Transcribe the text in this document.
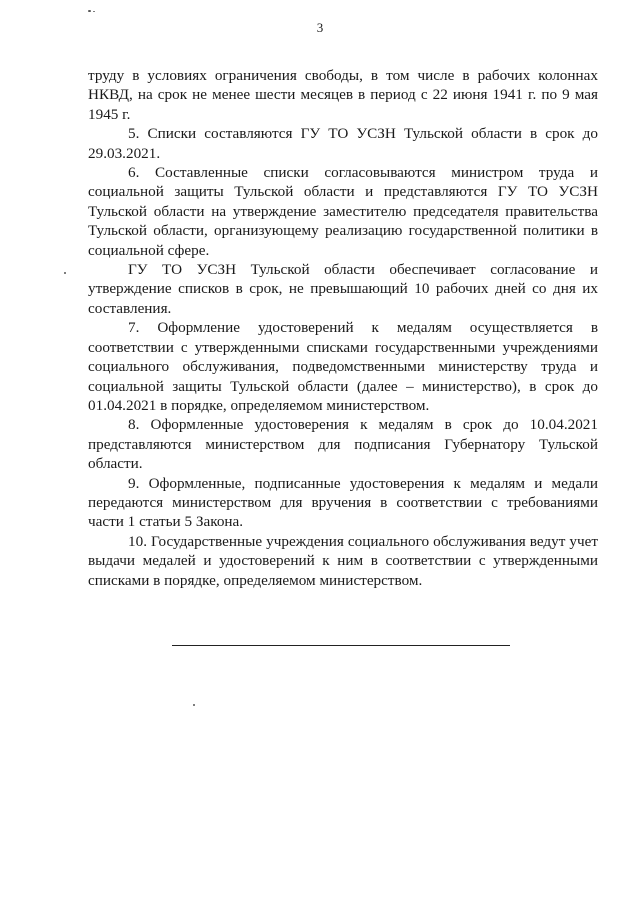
3

труду в условиях ограничения свободы, в том числе в рабочих колоннах НКВД, на срок не менее шести месяцев в период с 22 июня 1941 г. по 9 мая 1945 г.

5. Списки составляются ГУ ТО УСЗН Тульской области в срок до 29.03.2021.

6. Составленные списки согласовываются министром труда и социальной защиты Тульской области и представляются ГУ ТО УСЗН Тульской области на утверждение заместителю председателя правительства Тульской области, организующему реализацию государственной политики в социальной сфере.

ГУ ТО УСЗН Тульской области обеспечивает согласование и утверждение списков в срок, не превышающий 10 рабочих дней со дня их составления.

7. Оформление удостоверений к медалям осуществляется в соответствии с утвержденными списками государственными учреждениями социального обслуживания, подведомственными министерству труда и социальной защиты Тульской области (далее – министерство), в срок до 01.04.2021 в порядке, определяемом министерством.

8. Оформленные удостоверения к медалям в срок до 10.04.2021 представляются министерством для подписания Губернатору Тульской области.

9. Оформленные, подписанные удостоверения к медалям и медали передаются министерством для вручения в соответствии с требованиями части 1 статьи 5 Закона.

10. Государственные учреждения социального обслуживания ведут учет выдачи медалей и удостоверений к ним в соответствии с утвержденными списками в порядке, определяемом министерством.
